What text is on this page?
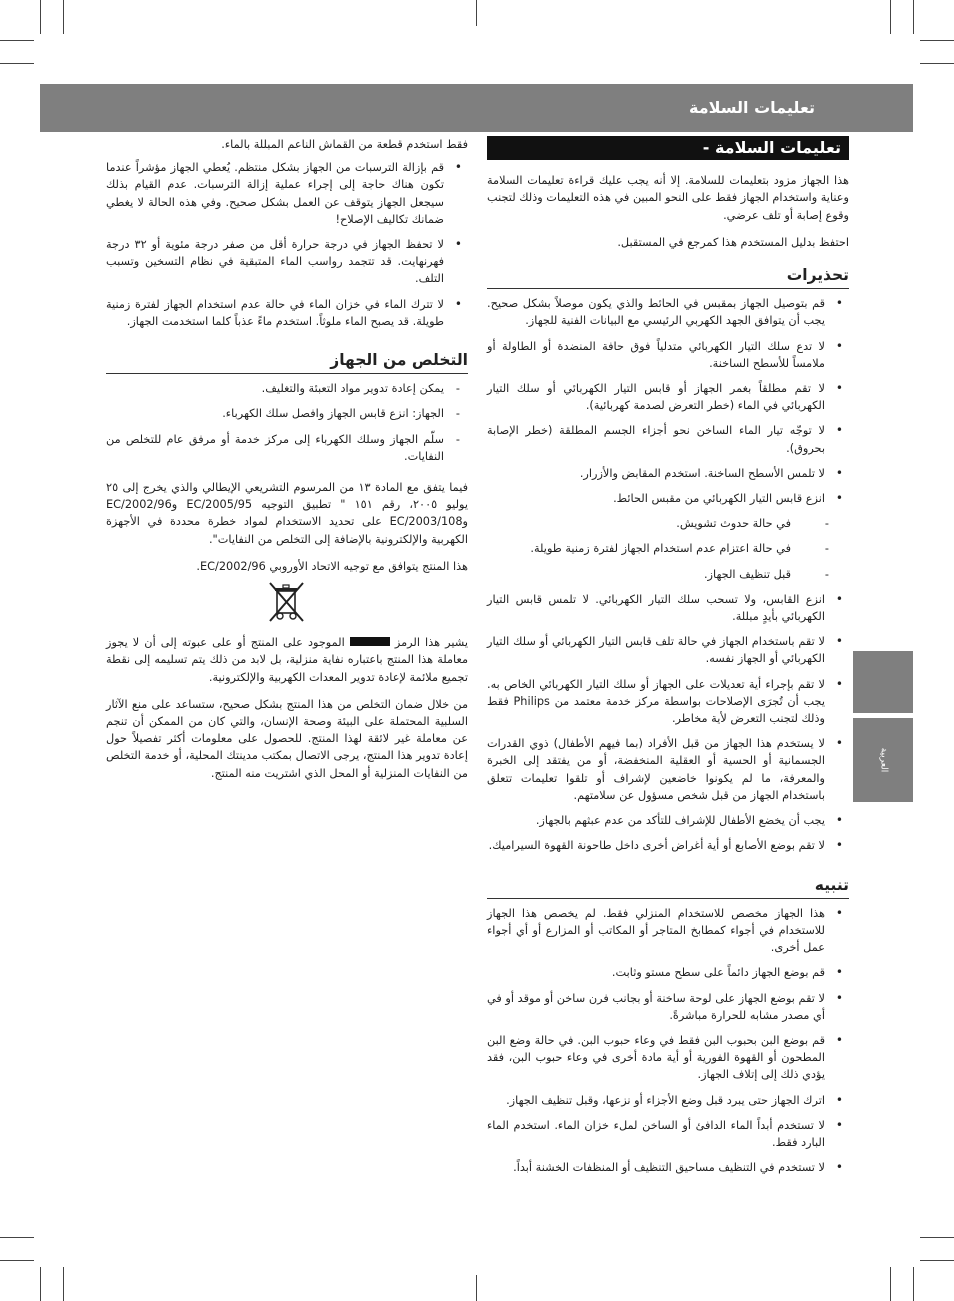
تعليمات السلامة
العربية
تعليمات السلامة -

هذا الجهاز مزود بتعليمات للسلامة. إلا أنه يجب عليك قراءة تعليمات السلامة وعناية واستخدام الجهاز فقط على النحو المبين في هذه التعليمات وذلك لتجنب وقوع إصابة أو تلف عرضي.

احتفظ بدليل المستخدم هذا كمرجع في المستقبل.

تحذيرات
• قم بتوصيل الجهاز بمقبس في الحائط والذي يكون موصلاً بشكل صحيح. يجب أن يتوافق الجهد الكهربي الرئيسي مع البيانات الفنية للجهاز.
• لا تدع سلك التيار الكهربائي متدلياً فوق حافة المنضدة أو الطاولة أو ملامساً للأسطح الساخنة.
• لا تقم مطلقاً بغمر الجهاز أو قابس التيار الكهربائي أو سلك التيار الكهربائي في الماء (خطر التعرض لصدمة كهربائية).
• لا توجّه تيار الماء الساخن نحو أجزاء الجسم المطلقة (خطر الإصابة بحروق).
• لا تلمس الأسطح الساخنة. استخدم المقابض والأزرار.
• انزع قابس التيار الكهربائي من مقبس الحائط.
- في حالة حدوث تشويش.
- في حالة اعتزام عدم استخدام الجهاز لفترة زمنية طويلة.
- قبل تنظيف الجهاز.
• انزع القابس، ولا تسحب سلك التيار الكهربائي. لا تلمس قابس التيار الكهربائي بأيدٍ مبللة.
• لا تقم باستخدام الجهاز في حالة تلف قابس التيار الكهربائي أو سلك التيار الكهربائي أو الجهاز نفسه.
• لا تقم بإجراء أية تعديلات على الجهاز أو سلك التيار الكهربائي الخاص به. يجب أن تُجرَى الإصلاحات بواسطة مركز خدمة معتمد من Philips فقط وذلك لتجنب التعرض لأية مخاطر.
• لا يستخدم هذا الجهاز من قبل الأفراد (بما فيهم الأطفال) ذوي القدرات الجسمانية أو الحسية أو العقلية المنخفضة، أو من يفتقد إلى الخبرة والمعرفة، ما لم يكونوا خاضعين لإشراف أو تلقوا تعليمات تتعلق باستخدام الجهاز من قبل شخص مسؤول عن سلامتهم.
• يجب أن يخضع الأطفال للإشراف للتأكد من عدم عبثهم بالجهاز.
• لا تقم بوضع الأصابع أو أية أغراض أخرى داخل طاحونة القهوة السيراميك.
تنبيه
• هذا الجهاز مخصص للاستخدام المنزلي فقط. لم يخصص هذا الجهاز للاستخدام في أجواء كمطابخ المتاجر أو المكاتب أو المزارع أو أي أجواء عمل أخرى.
• قم بوضع الجهاز دائماً على سطح مستو وثابت.
• لا تقم بوضع الجهاز على لوحة ساخنة أو بجانب فرن ساخن أو موقد أو في أي مصدر مشابه للحرارة مباشرةً.
• قم بوضع البن بحبوب البن فقط في وعاء حبوب البن. في حالة وضع البن المطحون أو القهوة الفورية أو أية مادة أخرى في وعاء حبوب البن، فقد يؤدي ذلك إلى إتلاف الجهاز.
• اترك الجهاز حتى يبرد قبل وضع الأجزاء أو نزعها، وقبل تنظيف الجهاز.
• لا تستخدم أبداً الماء الدافئ أو الساخن لملء خزان الماء. استخدم الماء البارد فقط.
• لا تستخدم في التنظيف مساحيق التنظيف أو المنظفات الخشنة أبداً.

فقط استخدم قطعة من القماش الناعم المبللة بالماء.

• قم بإزالة الترسبات من الجهاز بشكل منتظم. يُعطي الجهاز مؤشراً عندما تكون هناك حاجة إلى إجراء عملية إزالة الترسبات. عدم القيام بذلك سيجعل الجهاز يتوقف عن العمل بشكل صحيح. وفي هذه الحالة لا يغطي ضمانك تكاليف الإصلاح!
• لا تحفظ الجهاز في درجة حرارة أقل من صفر درجة مئوية أو ٣٢ درجة فهرنهايت. قد تتجمد رواسب الماء المتبقية في نظام التسخين وتسبب التلف.
• لا تترك الماء في خزان الماء في حالة عدم استخدام الجهاز لفترة زمنية طويلة. قد يصبح الماء ملوثاً. استخدم ماءً عذباً كلما استخدمت الجهاز.
التخلص من الجهاز
- يمكن إعادة تدوير مواد التعبئة والتغليف.
- الجهاز: انزع قابس الجهاز وافصل سلك الكهرباء.
- سلّم الجهاز وسلك الكهرباء إلى مركز خدمة أو مرفق عام للتخلص من النفايات.

فيما يتفق مع المادة ١٣ من المرسوم التشريعي الإيطالي والذي يخرج إلى ٢٥ يوليو ٢٠٠٥، رقم ١٥١ " تطبيق التوجيه 2005/95/EC و2002/96/EC و2003/108/EC على تحديد الاستخدام لمواد خطرة محددة في الأجهزة الكهربية والإلكترونية بالإضافة إلى التخلص من النفايات".

هذا المنتج يتوافق مع توجيه الاتحاد الأوروبي 2002/96/EC.

يشير هذا الرمز  الموجود على المنتج أو على عبوته إلى أن لا يجوز معاملة هذا المنتج باعتباره نفاية منزلية، بل لابد من ذلك يتم تسليمه إلى نقطة تجميع ملائمة لإعادة تدوير المعدات الكهربية والإلكترونية.

من خلال ضمان التخلص من هذا المنتج بشكل صحيح، ستساعد على منع الآثار السلبية المحتملة على البيئة وصحة الإنسان، والتي كان من الممكن أن تنجم عن معاملة غير لائقة لهذا المنتج. للحصول على معلومات أكثر تفصيلاً حول إعادة تدوير هذا المنتج، يرجى الاتصال بمكتب مدينتك المحلية، أو خدمة التخلص من النفايات المنزلية أو المحل الذي اشتريت منه المنتج.
